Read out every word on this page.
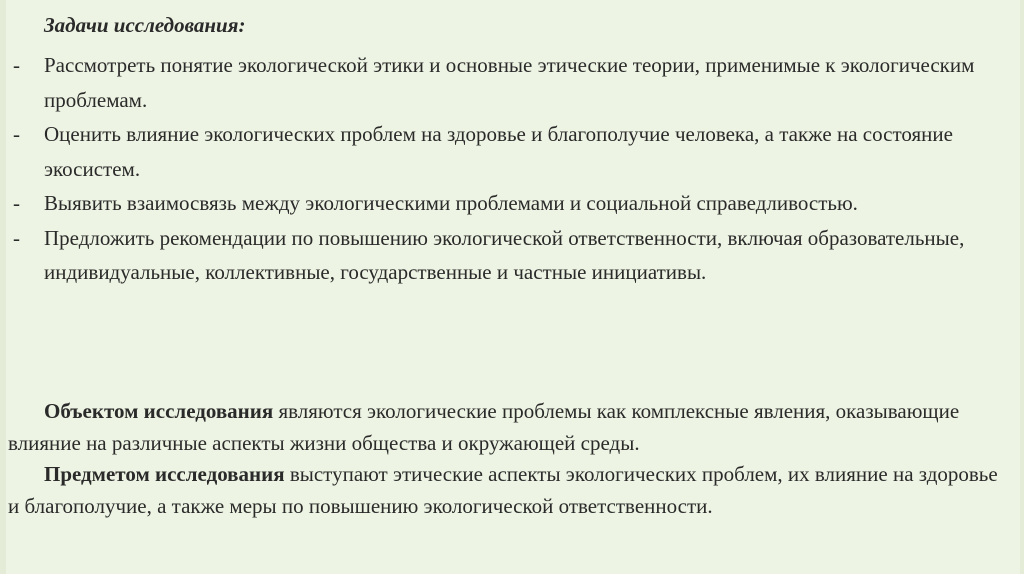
Задачи исследования:
- Рассмотреть понятие экологической этики и основные этические теории, применимые к экологическим проблемам.
- Оценить влияние экологических проблем на здоровье и благополучие человека, а также на состояние экосистем.
- Выявить взаимосвязь между экологическими проблемами и социальной справедливостью.
- Предложить рекомендации по повышению экологической ответственности, включая образовательные, индивидуальные, коллективные, государственные и частные инициативы.

Объектом исследования являются экологические проблемы как комплексные явления, оказывающие влияние на различные аспекты жизни общества и окружающей среды.

Предметом исследования выступают этические аспекты экологических проблем, их влияние на здоровье и благополучие, а также меры по повышению экологической ответственности.
